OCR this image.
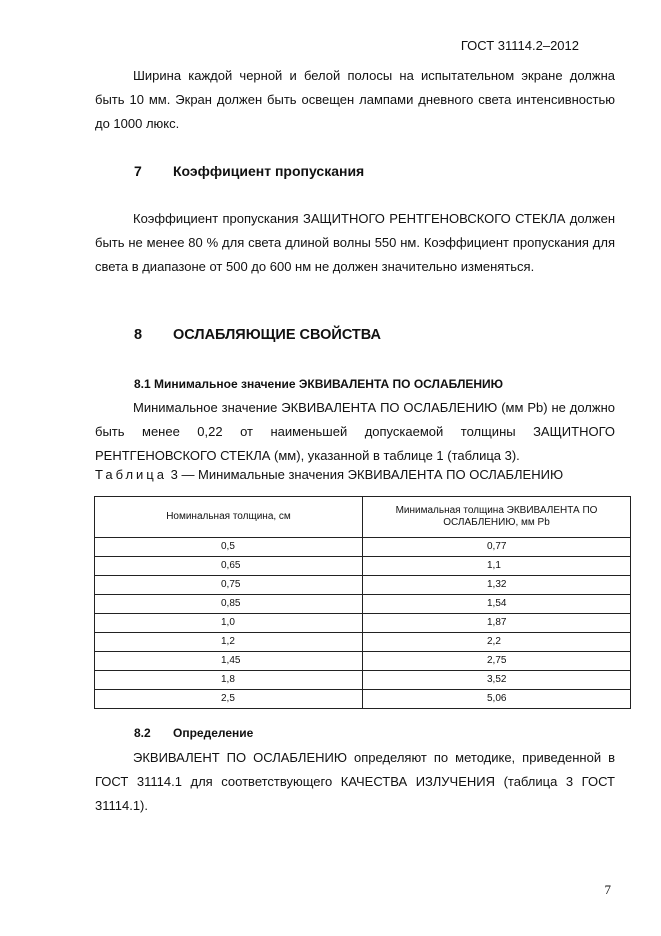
ГОСТ 31114.2–2012

Ширина каждой черной и белой полосы на испытательном экране должна быть 10 мм. Экран должен быть освещен лампами дневного света интенсивностью до 1000 люкс.

7 Коэффициент пропускания

Коэффициент пропускания ЗАЩИТНОГО РЕНТГЕНОВСКОГО СТЕКЛА должен быть не менее 80 % для света длиной волны 550 нм. Коэффициент пропускания для света в диапазоне от 500 до 600 нм не должен значительно изменяться.

8 ОСЛАБЛЯЮЩИЕ СВОЙСТВА
8.1 Минимальное значение ЭКВИВАЛЕНТА ПО ОСЛАБЛЕНИЮ

Минимальное значение ЭКВИВАЛЕНТА ПО ОСЛАБЛЕНИЮ (мм Pb) не должно быть менее 0,22 от наименьшей допускаемой толщины ЗАЩИТНОГО РЕНТГЕНОВСКОГО СТЕКЛА (мм), указанной в таблице 1 (таблица 3).

Таблица 3 — Минимальные значения ЭКВИВАЛЕНТА ПО ОСЛАБЛЕНИЮ
Номинальная толщина, см	Минимальная толщина ЭКВИВАЛЕНТА ПО ОСЛАБЛЕНИЮ, мм Pb
0,5	0,77
0,65	1,1
0,75	1,32
0,85	1,54
1,0	1,87
1,2	2,2
1,45	2,75
1,8	3,52
2,5	5,06
8.2 Определение

ЭКВИВАЛЕНТ ПО ОСЛАБЛЕНИЮ определяют по методике, приведенной в ГОСТ 31114.1 для соответствующего КАЧЕСТВА ИЗЛУЧЕНИЯ (таблица 3 ГОСТ 31114.1).

7
